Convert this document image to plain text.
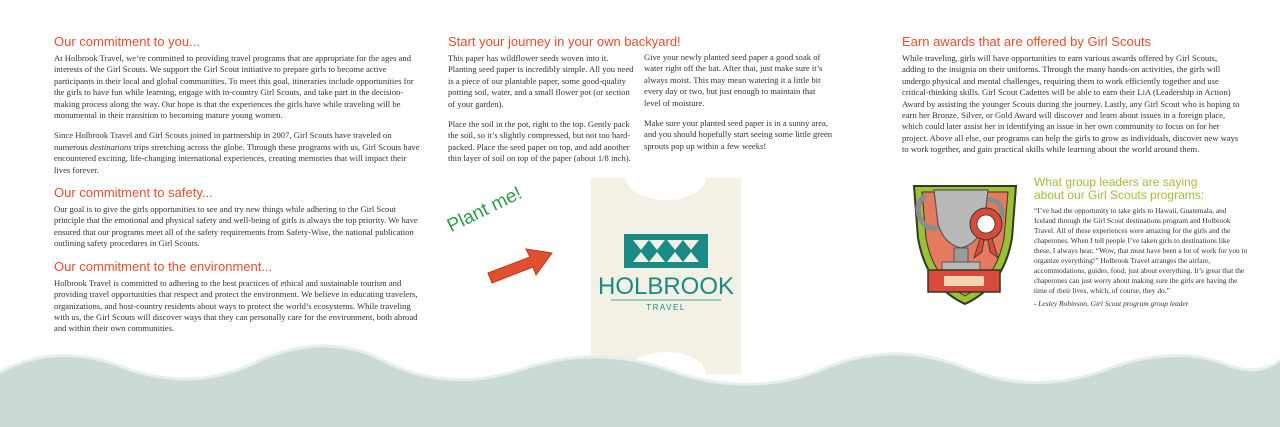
Our commitment to you...

At Holbrook Travel, we’re committed to providing travel programs that are appropriate for the ages and interests of the Girl Scouts. We support the Girl Scout initiative to prepare girls to become active participants in their local and global communities. To meet this goal, itineraries include opportunities for the girls to have fun while learning, engage with in-country Girl Scouts, and take part in the decision-making process along the way. Our hope is that the experiences the girls have while traveling will be monumental in their transition to becoming mature young women.

Since Holbrook Travel and Girl Scouts joined in partnership in 2007, Girl Scouts have traveled on numerous destinations trips stretching across the globe. Through these programs with us, Girl Scouts have encountered exciting, life-changing international experiences, creating memories that will impact their lives forever.

Our commitment to safety...

Our goal is to give the girls opportunities to see and try new things while adhering to the Girl Scout principle that the emotional and physical safety and well-being of girls is always the top priority. We have ensured that our programs meet all of the safety requirements from Safety-Wise, the national publication outlining safety procedures in Girl Scouts.

Our commitment to the environment...

Holbrook Travel is committed to adhering to the best practices of ethical and sustainable tourism and providing travel opportunities that respect and protect the environment. We believe in educating travelers, organizations, and host-country residents about ways to protect the world’s ecosystems. While traveling with us, the Girl Scouts will discover ways that they can personally care for the environment, both abroad and within their own communities.

Start your journey in your own backyard!

This paper has wildflower seeds woven into it. Planting seed paper is incredibly simple. All you need is a piece of our plantable paper, some good-quality potting soil, water, and a small flower pot (or section of your garden).

Place the soil in the pot, right to the top. Gently pack the soil, so it’s slightly compressed, but not too hard-packed. Place the seed paper on top, and add another thin layer of soil on top of the paper (about 1/8 inch).

Give your newly planted seed paper a good soak of water right off the bat. After that, just make sure it’s always moist. This may mean watering it a little bit every day or two, but just enough to maintain that level of moisture.

Make sure your planted seed paper is in a sunny area, and you should hopefully start seeing some little green sprouts pop up within a few weeks!

HOLBROOK
TRAVEL
Plant me!
Earn awards that are offered by Girl Scouts

While traveling, girls will have opportunities to earn various awards offered by Girl Scouts, adding to the insignia on their uniforms. Through the many hands-on activities, the girls will undergo physical and mental challenges, requiring them to work efficiently together and use critical-thinking skills. Girl Scout Cadettes will be able to earn their LiA (Leadership in Action) Award by assisting the younger Scouts during the journey. Lastly, any Girl Scout who is hoping to earn her Bronze, Silver, or Gold Award will discover and learn about issues in a foreign place, which could later assist her in identifying an issue in her own community to focus on for her project. Above all else, our programs can help the girls to grow as individuals, discover new ways to work together, and gain practical skills while learning about the world around them.

What group leaders are saying
about our Girl Scouts programs:

“I’ve had the opportunity to take girls to Hawaii, Guatemala, and Iceland through the Girl Scout destinations program and Holbrook Travel. All of these experiences were amazing for the girls and the chaperones. When I tell people I’ve taken girls to destinations like these, I always hear, “Wow, that must have been a lot of work for you to organize everything!” Holbrook Travel arranges the airfare, accommodations, guides, food; just about everything. It’s great that the chaperones can just worry about making sure the girls are having the time of their lives, which, of course, they do.”

- Lesley Robinson, Girl Scout program group leader
